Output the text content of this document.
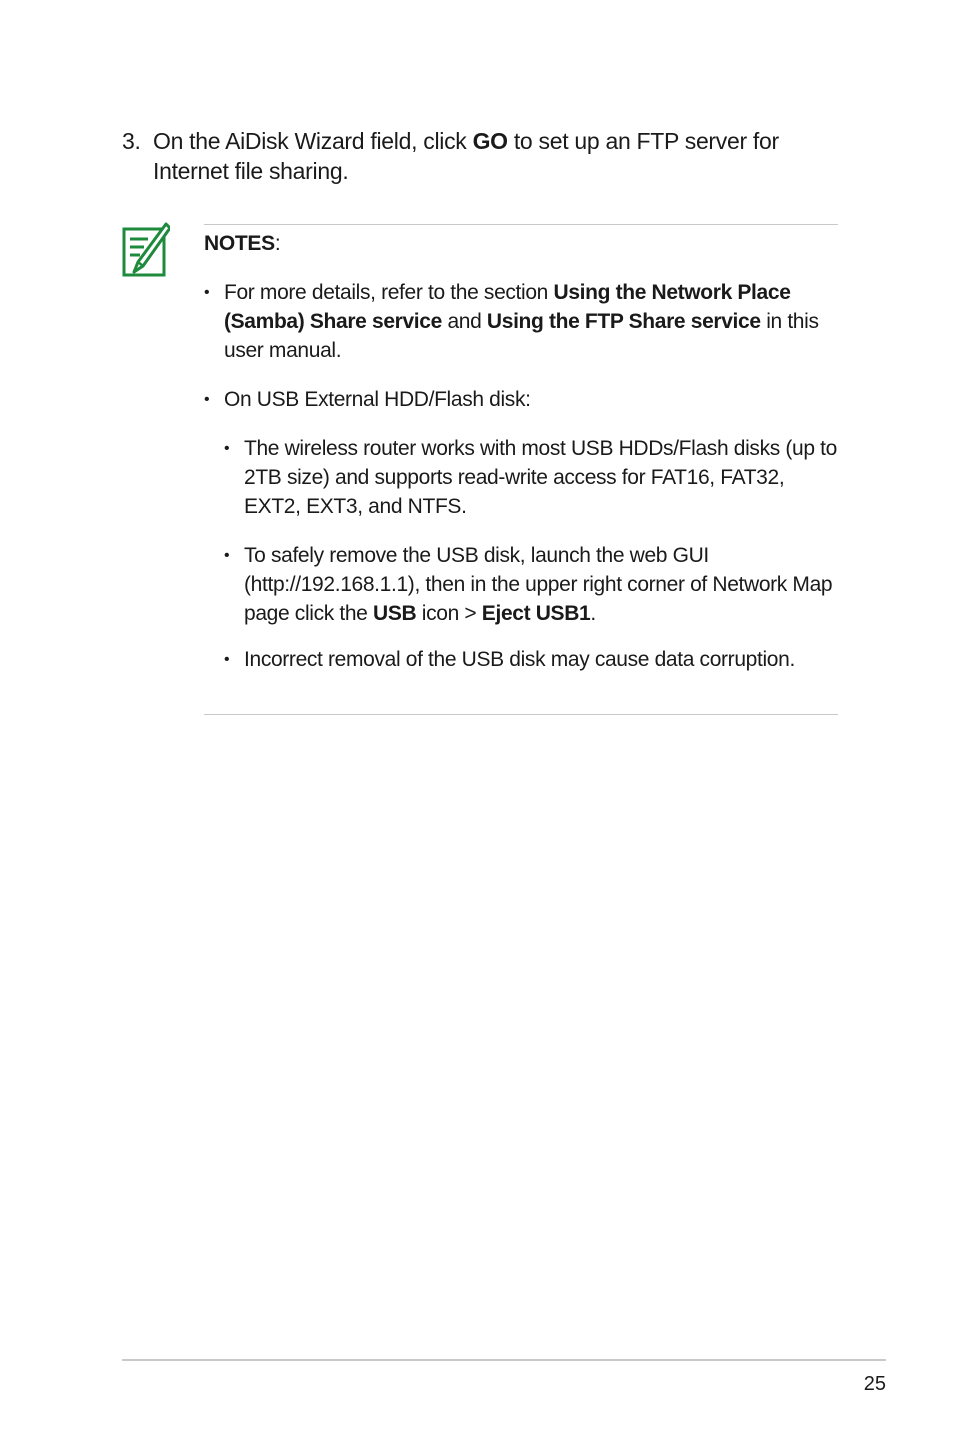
3. On the AiDisk Wizard field, click GO to set up an FTP server for Internet file sharing.
NOTES:
• For more details, refer to the section Using the Network Place (Samba) Share service and Using the FTP Share service in this user manual.
• On USB External HDD/Flash disk:
• The wireless router works with most USB HDDs/Flash disks (up to 2TB size) and supports read-write access for FAT16, FAT32, EXT2, EXT3, and NTFS.
• To safely remove the USB disk, launch the web GUI (http://192.168.1.1), then in the upper right corner of Network Map page click the USB icon > Eject USB1.
• Incorrect removal of the USB disk may cause data corruption.
25
